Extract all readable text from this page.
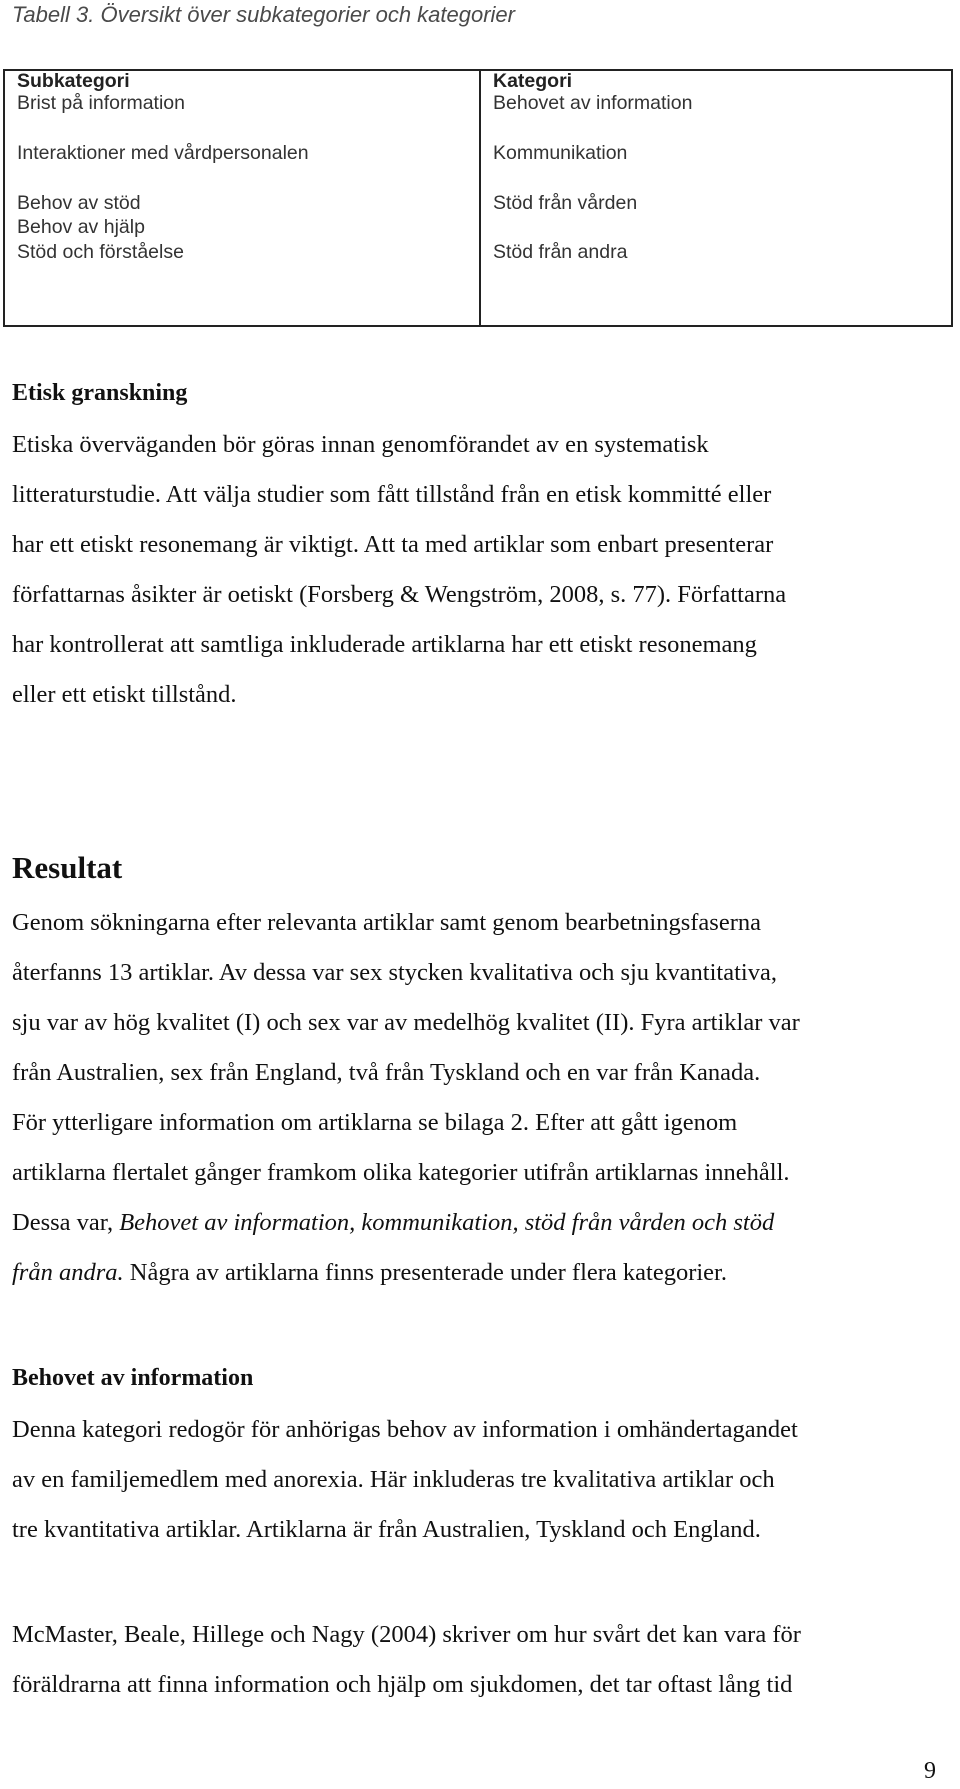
Tabell 3. Översikt över subkategorier och kategorier
Subkategori
Brist på information
Interaktioner med vårdpersonalen
Behov av stöd
Behov av hjälp
Stöd och förståelse
Kategori
Behovet av information
Kommunikation
Stöd från vården
Stöd från andra
Etisk granskning
Etiska överväganden bör göras innan genomförandet av en systematisk
litteraturstudie. Att välja studier som fått tillstånd från en etisk kommitté eller
har ett etiskt resonemang är viktigt. Att ta med artiklar som enbart presenterar
författarnas åsikter är oetiskt (Forsberg & Wengström, 2008, s. 77). Författarna
har kontrollerat att samtliga inkluderade artiklarna har ett etiskt resonemang
eller ett etiskt tillstånd.
Resultat
Genom sökningarna efter relevanta artiklar samt genom bearbetningsfaserna
återfanns 13 artiklar. Av dessa var sex stycken kvalitativa och sju kvantitativa,
sju var av hög kvalitet (I) och sex var av medelhög kvalitet (II). Fyra artiklar var
från Australien, sex från England, två från Tyskland och en var från Kanada.
För ytterligare information om artiklarna se bilaga 2. Efter att gått igenom
artiklarna flertalet gånger framkom olika kategorier utifrån artiklarnas innehåll.
Dessa var, Behovet av information, kommunikation, stöd från vården och stöd
från andra. Några av artiklarna finns presenterade under flera kategorier.
Behovet av information
Denna kategori redogör för anhörigas behov av information i omhändertagandet
av en familjemedlem med anorexia. Här inkluderas tre kvalitativa artiklar och
tre kvantitativa artiklar. Artiklarna är från Australien, Tyskland och England.
McMaster, Beale, Hillege och Nagy (2004) skriver om hur svårt det kan vara för
föräldrarna att finna information och hjälp om sjukdomen, det tar oftast lång tid
9
